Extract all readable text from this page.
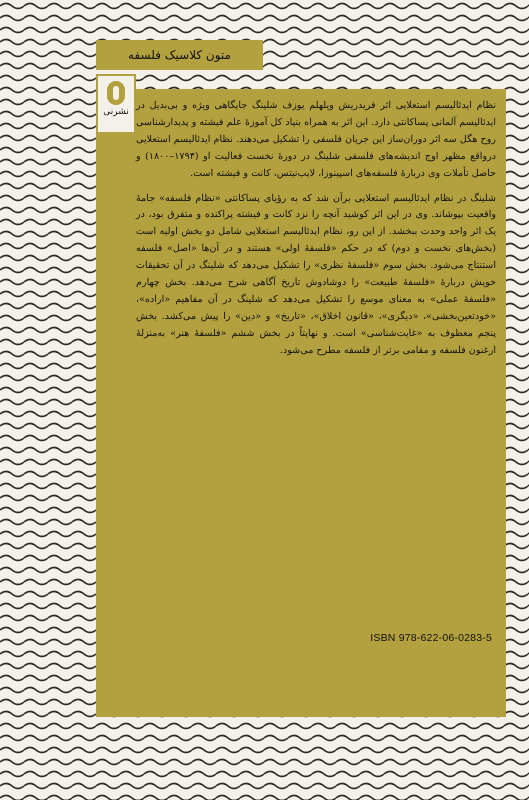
متون کلاسیک فلسفه
نشرنی

نظام ایدئالیسم استعلایی اثر فریدریش ویلهلم یوزف شلینگ جایگاهی ویژه و بی‌بدیل در ایدئالیسم آلمانی پساکانتی دارد. این اثر به همراه بنیاد کل آموزهٔ علم فیشته و پدیدارشناسی روح هگل سه اثر دوران‌ساز این جریان فلسفی را تشکیل می‌دهند. نظام ایدئالیسم استعلایی درواقع مظهر اوج اندیشه‌های فلسفی شلینگ در دورهٔ نخست فعالیت او (۱۷۹۴–۱۸۰۰) و حاصل تأملات وی دربارهٔ فلسفه‌های اسپینوزا، لایب‌نیتس، کانت و فیشته است.

شلینگ در نظام ایدئالیسم استعلایی برآن شد که به رؤیای پساکانتی «نظام فلسفه» جامهٔ واقعیت بپوشاند. وی در این اثر کوشید آنچه را نزد کانت و فیشته پراکنده و متفرق بود، در یک اثر واحد وحدت ببخشد. از این رو، نظام ایدئالیسم استعلایی شامل دو بخش اولیه است (بخش‌های نخست و دوم) که در حکم «فلسفهٔ اولی» هستند و در آن‌ها «اصل» فلسفه استنتاج می‌شود. بخش سوم «فلسفهٔ نظری» را تشکیل می‌دهد که شلینگ در آن تحقیقات خویش دربارهٔ «فلسفهٔ طبیعت» را دوشادوش تاریخ آگاهی شرح می‌دهد. بخش چهارم «فلسفهٔ عملی» به معنای موسع را تشکیل می‌دهد که شلینگ در آن مفاهیم «اراده»، «خودتعین‌بخشی»، «دیگری»، «قانون اخلاق»، «تاریخ» و «دین» را پیش می‌کشد. بخش پنجم معطوف به «غایت‌شناسی» است. و نهایتاً در بخش ششم «فلسفهٔ هنر» به‌منزلهٔ ارغنون فلسفه و مقامی برتر از فلسفه مطرح می‌شود.

ISBN 978-622-06-0283-5
